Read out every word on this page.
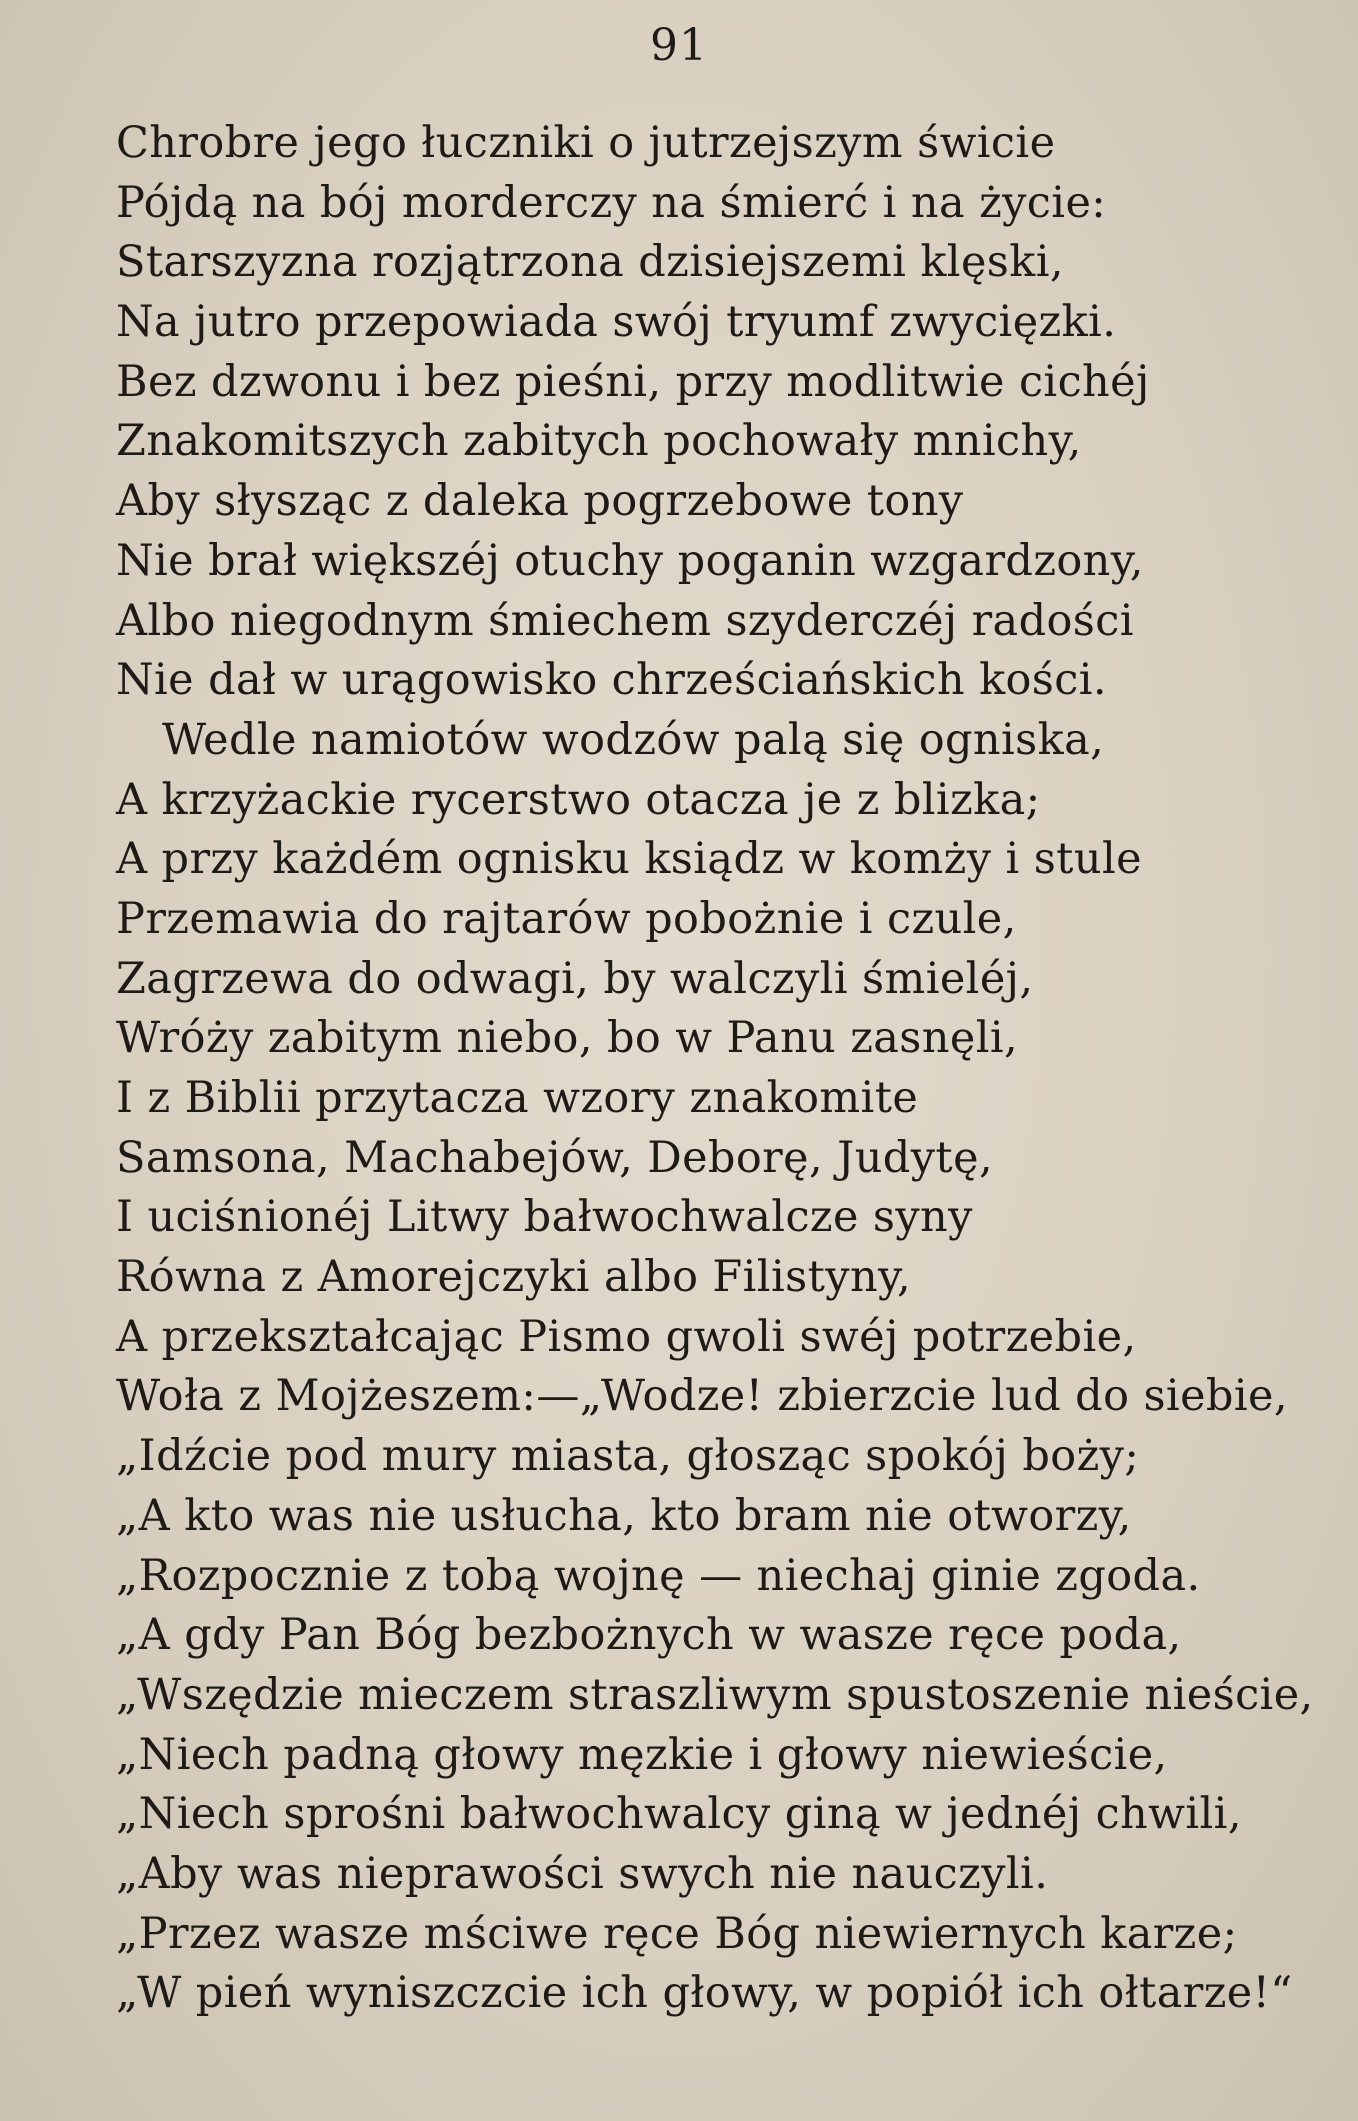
91
Chrobre jego łuczniki o jutrzejszym świcie
Pójdą na bój morderczy na śmierć i na życie:
Starszyzna rozjątrzona dzisiejszemi klęski,
Na jutro przepowiada swój tryumf zwycięzki.
Bez dzwonu i bez pieśni, przy modlitwie cichéj
Znakomitszych zabitych pochowały mnichy,
Aby słysząc z daleka pogrzebowe tony
Nie brał większéj otuchy poganin wzgardzony,
Albo niegodnym śmiechem szyderczéj radości
Nie dał w urągowisko chrześciańskich kości.
Wedle namiotów wodzów palą się ogniska,
A krzyżackie rycerstwo otacza je z blizka;
A przy każdém ognisku ksiądz w komży i stule
Przemawia do rajtarów pobożnie i czule,
Zagrzewa do odwagi, by walczyli śmieléj,
Wróży zabitym niebo, bo w Panu zasnęli,
I z Biblii przytacza wzory znakomite
Samsona, Machabejów, Deborę, Judytę,
I uciśnionéj Litwy bałwochwalcze syny
Równa z Amorejczyki albo Filistyny,
A przekształcając Pismo gwoli swéj potrzebie,
Woła z Mojżeszem:—„Wodze! zbierzcie lud do siebie,
„Idźcie pod mury miasta, głosząc spokój boży;
„A kto was nie usłucha, kto bram nie otworzy,
„Rozpocznie z tobą wojnę — niechaj ginie zgoda.
„A gdy Pan Bóg bezbożnych w wasze ręce poda,
„Wszędzie mieczem straszliwym spustoszenie nieście,
„Niech padną głowy męzkie i głowy niewieście,
„Niech sprośni bałwochwalcy giną w jednéj chwili,
„Aby was nieprawości swych nie nauczyli.
„Przez wasze mściwe ręce Bóg niewiernych karze;
„W pień wyniszczcie ich głowy, w popiół ich ołtarze!“
